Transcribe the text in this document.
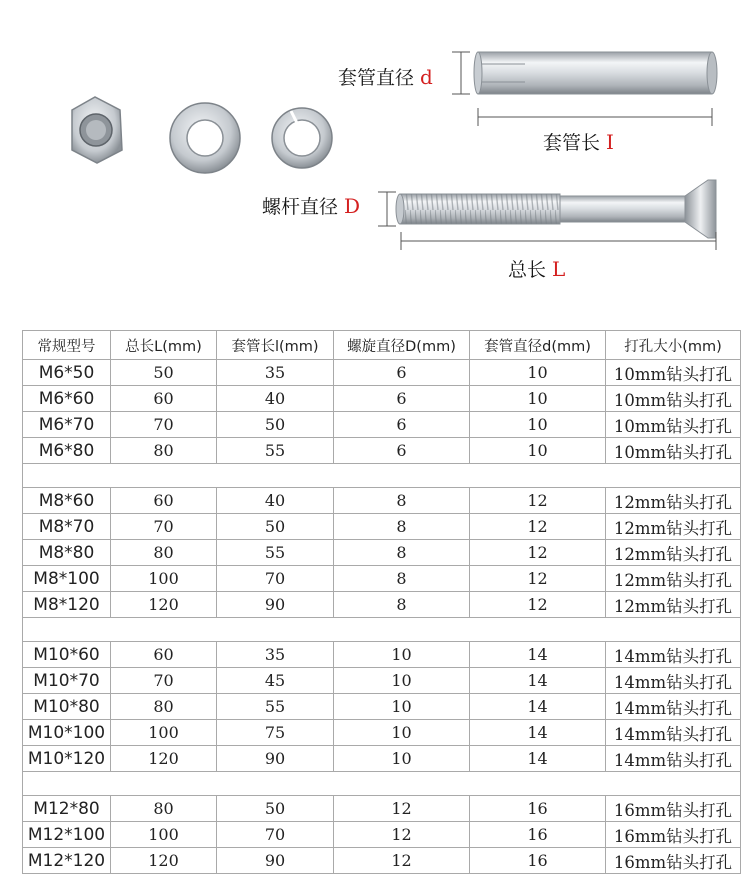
套管直径 d
套管长 I
螺杆直径 D
总长 L
常规型号	总长L(mm)	套管长l(mm)	螺旋直径D(mm)	套管直径d(mm)	打孔大小(mm)
M6*50	50	35	6	10	10mm钻头打孔
M6*60	60	40	6	10	10mm钻头打孔
M6*70	70	50	6	10	10mm钻头打孔
M6*80	80	55	6	10	10mm钻头打孔

M8*60	60	40	8	12	12mm钻头打孔
M8*70	70	50	8	12	12mm钻头打孔
M8*80	80	55	8	12	12mm钻头打孔
M8*100	100	70	8	12	12mm钻头打孔
M8*120	120	90	8	12	12mm钻头打孔

M10*60	60	35	10	14	14mm钻头打孔
M10*70	70	45	10	14	14mm钻头打孔
M10*80	80	55	10	14	14mm钻头打孔
M10*100	100	75	10	14	14mm钻头打孔
M10*120	120	90	10	14	14mm钻头打孔

M12*80	80	50	12	16	16mm钻头打孔
M12*100	100	70	12	16	16mm钻头打孔
M12*120	120	90	12	16	16mm钻头打孔
